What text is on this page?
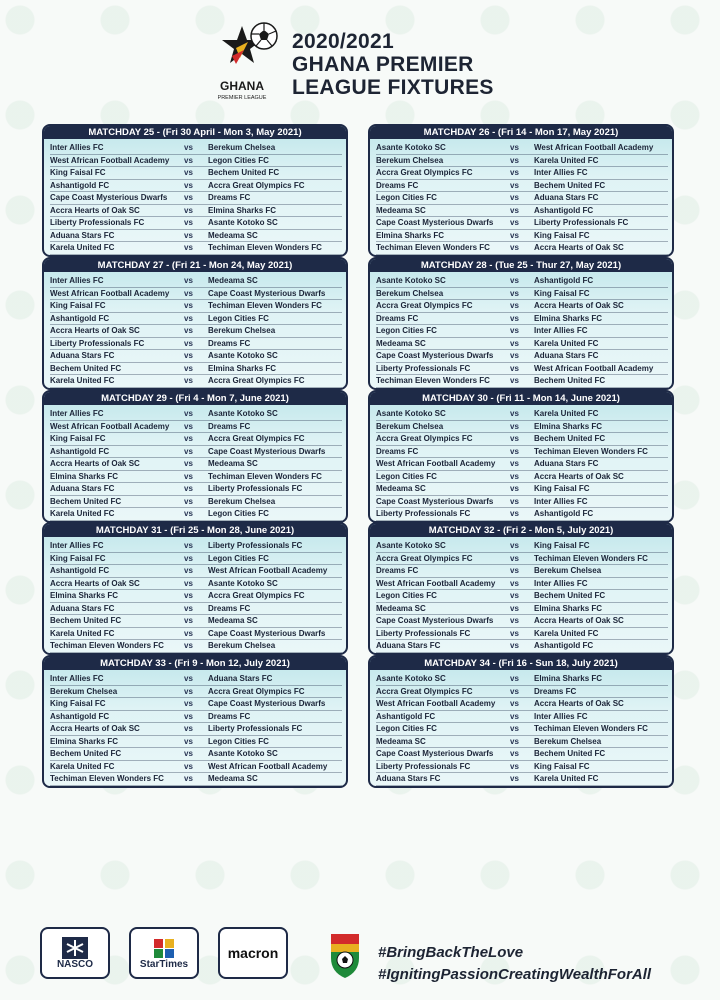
GHANA
PREMIER LEAGUE
2020/2021
GHANA PREMIER
LEAGUE FIXTURES
MATCHDAY 25 - (Fri 30 April - Mon 3, May 2021)
Inter Allies FC	vs	Berekum Chelsea
West African Football Academy	vs	Legon Cities FC
King Faisal FC	vs	Bechem United FC
Ashantigold FC	vs	Accra Great Olympics FC
Cape Coast Mysterious Dwarfs	vs	Dreams FC
Accra Hearts of Oak SC	vs	Elmina Sharks FC
Liberty Professionals FC	vs	Asante Kotoko SC
Aduana Stars FC	vs	Medeama SC
Karela United FC	vs	Techiman Eleven Wonders FC
MATCHDAY 26 - (Fri 14 - Mon 17, May 2021)
Asante Kotoko SC	vs	West African Football Academy
Berekum Chelsea	vs	Karela United FC
Accra Great Olympics FC	vs	Inter Allies FC
Dreams FC	vs	Bechem United FC
Legon Cities FC	vs	Aduana Stars FC
Medeama SC	vs	Ashantigold FC
Cape Coast Mysterious Dwarfs	vs	Liberty Professionals FC
Elmina Sharks FC	vs	King Faisal FC
Techiman Eleven Wonders FC	vs	Accra Hearts of Oak SC
MATCHDAY 27 - (Fri 21 - Mon 24, May 2021)
Inter Allies FC	vs	Medeama SC
West African Football Academy	vs	Cape Coast Mysterious Dwarfs
King Faisal FC	vs	Techiman Eleven Wonders FC
Ashantigold FC	vs	Legon Cities FC
Accra Hearts of Oak SC	vs	Berekum Chelsea
Liberty Professionals FC	vs	Dreams FC
Aduana Stars FC	vs	Asante Kotoko SC
Bechem United FC	vs	Elmina Sharks FC
Karela United FC	vs	Accra Great Olympics FC
MATCHDAY 28 - (Tue 25 - Thur 27, May 2021)
Asante Kotoko SC	vs	Ashantigold FC
Berekum Chelsea	vs	King Faisal FC
Accra Great Olympics FC	vs	Accra Hearts of Oak SC
Dreams FC	vs	Elmina Sharks FC
Legon Cities FC	vs	Inter Allies FC
Medeama SC	vs	Karela United FC
Cape Coast Mysterious Dwarfs	vs	Aduana Stars FC
Liberty Professionals FC	vs	West African Football Academy
Techiman Eleven Wonders FC	vs	Bechem United FC
MATCHDAY 29 - (Fri 4 - Mon 7, June 2021)
Inter Allies FC	vs	Asante Kotoko SC
West African Football Academy	vs	Dreams FC
King Faisal FC	vs	Accra Great Olympics FC
Ashantigold FC	vs	Cape Coast Mysterious Dwarfs
Accra Hearts of Oak SC	vs	Medeama SC
Elmina Sharks FC	vs	Techiman Eleven Wonders FC
Aduana Stars FC	vs	Liberty Professionals FC
Bechem United FC	vs	Berekum Chelsea
Karela United FC	vs	Legon Cities FC
MATCHDAY 30 - (Fri 11 - Mon 14, June 2021)
Asante Kotoko SC	vs	Karela United FC
Berekum Chelsea	vs	Elmina Sharks FC
Accra Great Olympics FC	vs	Bechem United FC
Dreams FC	vs	Techiman Eleven Wonders FC
West African Football Academy	vs	Aduana Stars FC
Legon Cities FC	vs	Accra Hearts of Oak SC
Medeama SC	vs	King Faisal FC
Cape Coast Mysterious Dwarfs	vs	Inter Allies FC
Liberty Professionals FC	vs	Ashantigold FC
MATCHDAY 31 - (Fri 25 - Mon 28, June 2021)
Inter Allies FC	vs	Liberty Professionals FC
King Faisal FC	vs	Legon Cities FC
Ashantigold FC	vs	West African Football Academy
Accra Hearts of Oak SC	vs	Asante Kotoko SC
Elmina Sharks FC	vs	Accra Great Olympics FC
Aduana Stars FC	vs	Dreams FC
Bechem United FC	vs	Medeama SC
Karela United FC	vs	Cape Coast Mysterious Dwarfs
Techiman Eleven Wonders FC	vs	Berekum Chelsea
MATCHDAY 32 - (Fri 2 - Mon 5, July 2021)
Asante Kotoko SC	vs	King Faisal FC
Accra Great Olympics FC	vs	Techiman Eleven Wonders FC
Dreams FC	vs	Berekum Chelsea
West African Football Academy	vs	Inter Allies FC
Legon Cities FC	vs	Bechem United FC
Medeama SC	vs	Elmina Sharks FC
Cape Coast Mysterious Dwarfs	vs	Accra Hearts of Oak SC
Liberty Professionals FC	vs	Karela United FC
Aduana Stars FC	vs	Ashantigold FC
MATCHDAY 33 - (Fri 9 - Mon 12, July 2021)
Inter Allies FC	vs	Aduana Stars FC
Berekum Chelsea	vs	Accra Great Olympics FC
King Faisal FC	vs	Cape Coast Mysterious Dwarfs
Ashantigold FC	vs	Dreams FC
Accra Hearts of Oak SC	vs	Liberty Professionals FC
Elmina Sharks FC	vs	Legon Cities FC
Bechem United FC	vs	Asante Kotoko SC
Karela United FC	vs	West African Football Academy
Techiman Eleven Wonders FC	vs	Medeama SC
MATCHDAY 34 - (Fri 16 - Sun 18, July 2021)
Asante Kotoko SC	vs	Elmina Sharks FC
Accra Great Olympics FC	vs	Dreams FC
West African Football Academy	vs	Accra Hearts of Oak SC
Ashantigold FC	vs	Inter Allies FC
Legon Cities FC	vs	Techiman Eleven Wonders FC
Medeama SC	vs	Berekum Chelsea
Cape Coast Mysterious Dwarfs	vs	Bechem United FC
Liberty Professionals FC	vs	King Faisal FC
Aduana Stars FC	vs	Karela United FC
NASCO	StarTimes
macron	#BringBackTheLove
#IgnitingPassionCreatingWealthForAll
